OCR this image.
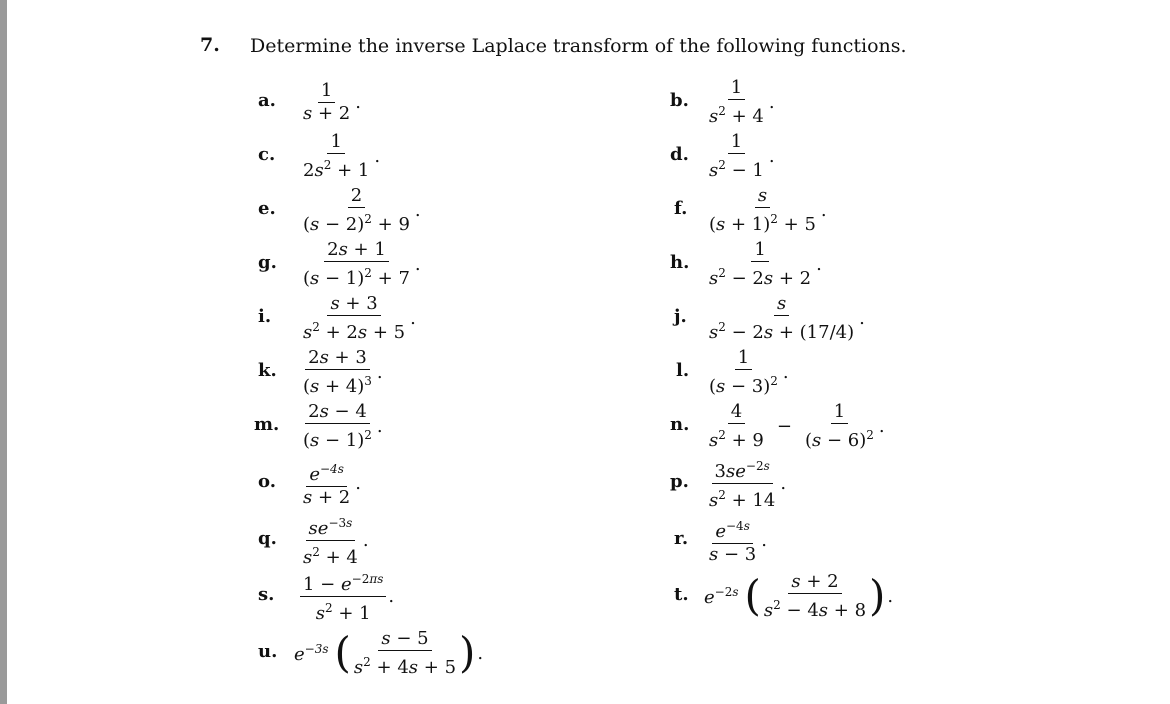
7. Determine the inverse Laplace transform of the following functions.
a. $\frac{1}{s + 2}$ .
c. $\frac{1}{2s^2 + 1}$ .
e. $\frac{2}{(s - 2)^2 + 9}$ .
g. $\frac{2s + 1}{(s - 1)^2 + 7}$ .
i. $\frac{s + 3}{s^2 + 2s + 5}$ .
k. $\frac{2s + 3}{(s + 4)^3}$ .
m. $\frac{2s - 4}{(s - 1)^2}$ .
o. $\frac{e^{-4s}}{s + 2}$ .
q. $\frac{se^{-3s}}{s^2 + 4}$ .
s. $\frac{1 - e^{-2\pi s}}{s^2 + 1}$ .
u. $e^{-3s}$ ( $\frac{s - 5}{s^2 + 4s + 5}$ ) .
b. $\frac{1}{s^2 + 4}$ .
d. $\frac{1}{s^2 - 1}$ .
f. $\frac{s}{(s + 1)^2 + 5}$ .
h. $\frac{1}{s^2 - 2s + 2}$ .
j. $\frac{s}{s^2 - 2s + (17/4)}$ .
l. $\frac{1}{(s - 3)^2}$ .
n. $\frac{4}{s^2 + 9} - \frac{1}{(s - 6)^2}$ .
p. $\frac{3se^{-2s}}{s^2 + 14}$ .
r. $\frac{e^{-4s}}{s - 3}$ .
t. $e^{-2s}$ ( $\frac{s + 2}{s^2 - 4s + 8}$ ) .
